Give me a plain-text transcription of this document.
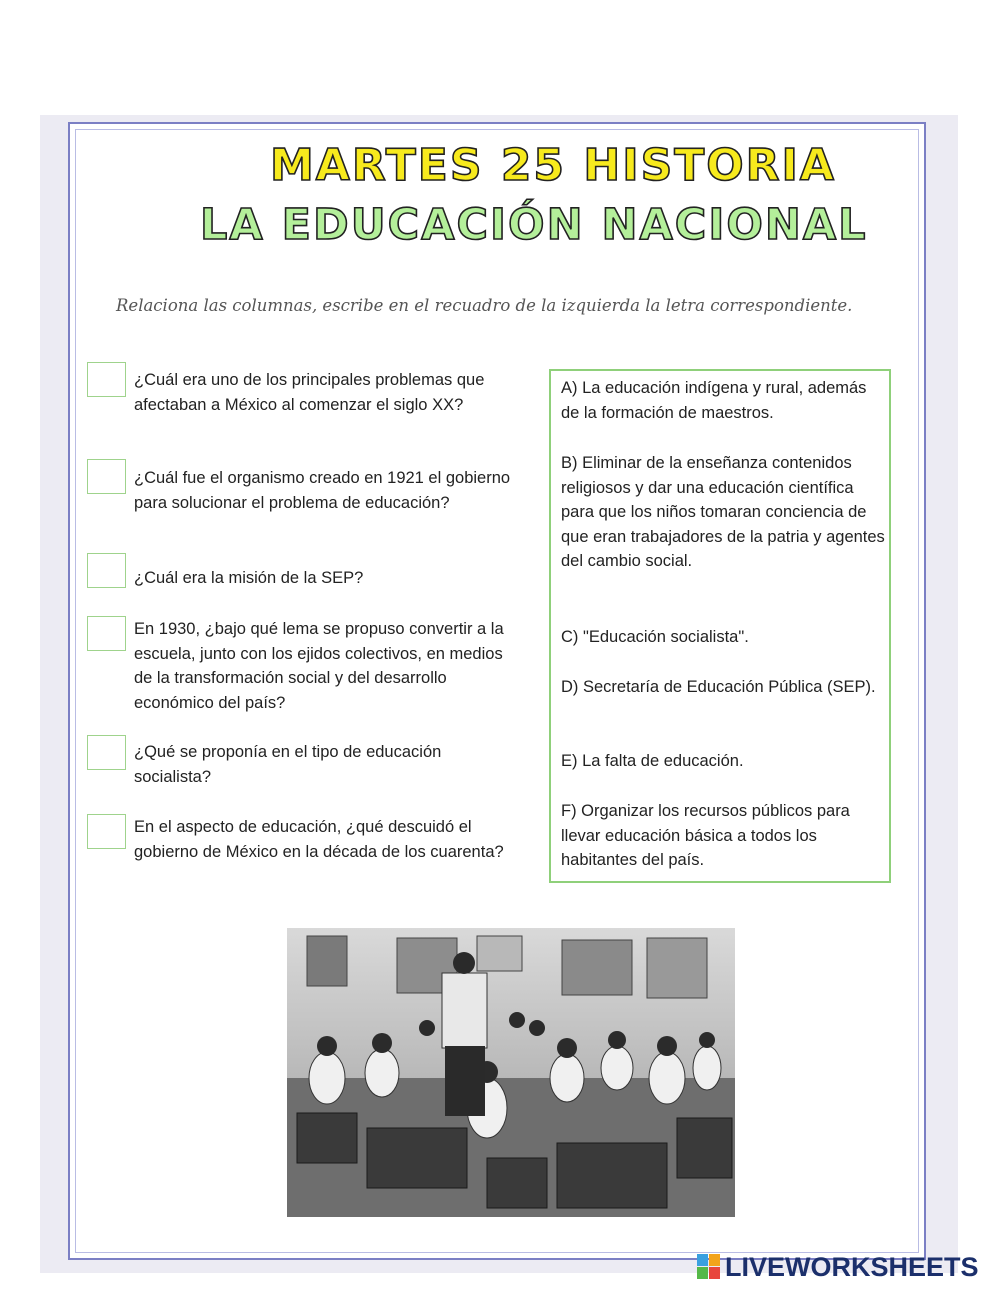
MARTES 25 HISTORIA
LA EDUCACIÓN NACIONAL
Relaciona las columnas, escribe en el recuadro de la izquierda la letra correspondiente.
¿Cuál era uno de los principales problemas que afectaban a México al comenzar el siglo XX?
¿Cuál fue el organismo creado en 1921 el gobierno para solucionar el problema de educación?
¿Cuál era la misión de la SEP?
En 1930, ¿bajo qué lema se propuso convertir a la escuela, junto con los ejidos colectivos, en medios de la transformación social y del desarrollo económico del país?
¿Qué se proponía en el tipo de educación socialista?
En el aspecto de educación, ¿qué descuidó el gobierno de México en la década de los cuarenta?
A) La educación indígena y rural, además de la formación de maestros.
B) Eliminar de la enseñanza contenidos religiosos y dar una educación científica para que los niños tomaran conciencia de que eran trabajadores de la patria y agentes del cambio social.
C) "Educación socialista".
D) Secretaría de Educación Pública (SEP).
E) La falta de educación.
F) Organizar los recursos públicos para llevar educación básica a todos los habitantes del país.
LIVEWORKSHEETS
